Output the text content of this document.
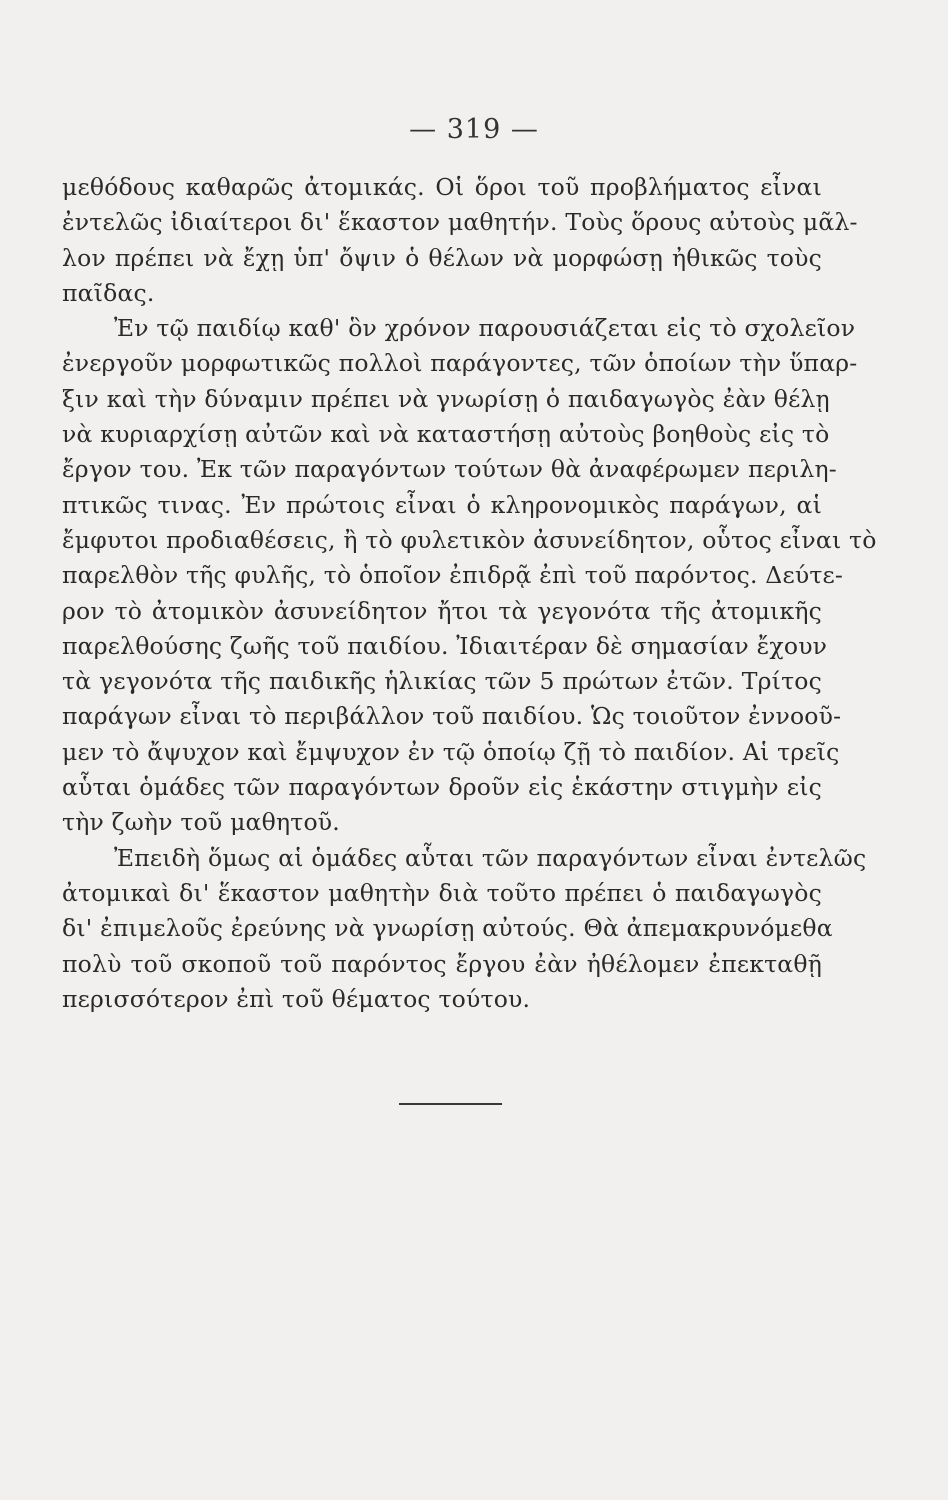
— 319 —
μεθόδους καθαρῶς ἀτομικάς. Οἱ ὅροι τοῦ προβλήματος εἶναι
ἐντελῶς ἰδιαίτεροι δι' ἕκαστον μαθητήν. Τοὺς ὅρους αὐτοὺς μᾶλ-
λον πρέπει νὰ ἔχῃ ὑπ' ὄψιν ὁ θέλων νὰ μορφώσῃ ἠθικῶς τοὺς
παῖδας.
Ἐν τῷ παιδίῳ καθ' ὃν χρόνον παρουσιάζεται εἰς τὸ σχολεῖον
ἐνεργοῦν μορφωτικῶς πολλοὶ παράγοντες, τῶν ὁποίων τὴν ὕπαρ-
ξιν καὶ τὴν δύναμιν πρέπει νὰ γνωρίσῃ ὁ παιδαγωγὸς ἐὰν θέλῃ
νὰ κυριαρχίσῃ αὐτῶν καὶ νὰ καταστήσῃ αὐτοὺς βοηθοὺς εἰς τὸ
ἔργον του. Ἐκ τῶν παραγόντων τούτων θὰ ἀναφέρωμεν περιλη-
πτικῶς τινας. Ἐν πρώτοις εἶναι ὁ κληρονομικὸς παράγων, αἱ
ἔμφυτοι προδιαθέσεις, ἢ τὸ φυλετικὸν ἀσυνείδητον, οὗτος εἶναι τὸ
παρελθὸν τῆς φυλῆς, τὸ ὁποῖον ἐπιδρᾷ ἐπὶ τοῦ παρόντος. Δεύτε-
ρον τὸ ἀτομικὸν ἀσυνείδητον ἤτοι τὰ γεγονότα τῆς ἀτομικῆς
παρελθούσης ζωῆς τοῦ παιδίου. Ἰδιαιτέραν δὲ σημασίαν ἔχουν
τὰ γεγονότα τῆς παιδικῆς ἡλικίας τῶν 5 πρώτων ἐτῶν. Τρίτος
παράγων εἶναι τὸ περιβάλλον τοῦ παιδίου. Ὡς τοιοῦτον ἐννοοῦ-
μεν τὸ ἄψυχον καὶ ἔμψυχον ἐν τῷ ὁποίῳ ζῇ τὸ παιδίον. Αἱ τρεῖς
αὗται ὁμάδες τῶν παραγόντων δροῦν εἰς ἑκάστην στιγμὴν εἰς
τὴν ζωὴν τοῦ μαθητοῦ.
Ἐπειδὴ ὅμως αἱ ὁμάδες αὗται τῶν παραγόντων εἶναι ἐντελῶς
ἀτομικαὶ δι' ἕκαστον μαθητὴν διὰ τοῦτο πρέπει ὁ παιδαγωγὸς
δι' ἐπιμελοῦς ἐρεύνης νὰ γνωρίσῃ αὐτούς. Θὰ ἀπεμακρυνόμεθα
πολὺ τοῦ σκοποῦ τοῦ παρόντος ἔργου ἐὰν ἠθέλομεν ἐπεκταθῇ
περισσότερον ἐπὶ τοῦ θέματος τούτου.
